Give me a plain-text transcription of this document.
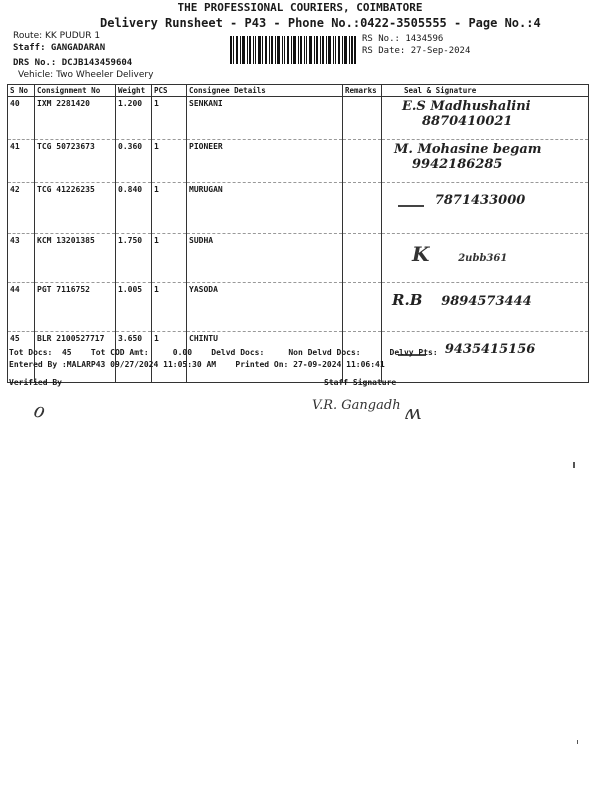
THE PROFESSIONAL COURIERS, COIMBATORE
Delivery Runsheet - P43 - Phone No.:0422-3505555 - Page No.:4
Route: KK PUDUR 1
Staff: GANGADARAN
DRS No.: DCJB143459604
Vehicle: Two Wheeler Delivery
RS No.: 1434596
RS Date: 27-Sep-2024
S No	Consignment No	Weight	PCS	Consignee Details	Remarks	Seal & Signature
40	IXM 2281420	1.200	1	SENKANI		E.S Madhushalini
8870410021

41	TCG 50723673	0.360	1	PIONEER		M. Mohasine begam
9942186285

42	TCG 41226235	0.840	1	MURUGAN		7871433000
43	KCM 13201385	1.750	1	SUDHA		K 2ubb361
44	PGT 7116752	1.005	1	YASODA		R.B 9894573444
45	BLR 2100527717	3.650	1	CHINTU		9435415156
Tot Docs:  45    Tot COD Amt:     0.00    Delvd Docs:     Non Delvd Docs:      Delvy Pts:
Entered By :MALARP43 09/27/2024 11:05:30 AM    Printed On: 27-09-2024 11:06:41
Verified By	Staff Signature
ℴ	V.R. Gangadh ʍ
